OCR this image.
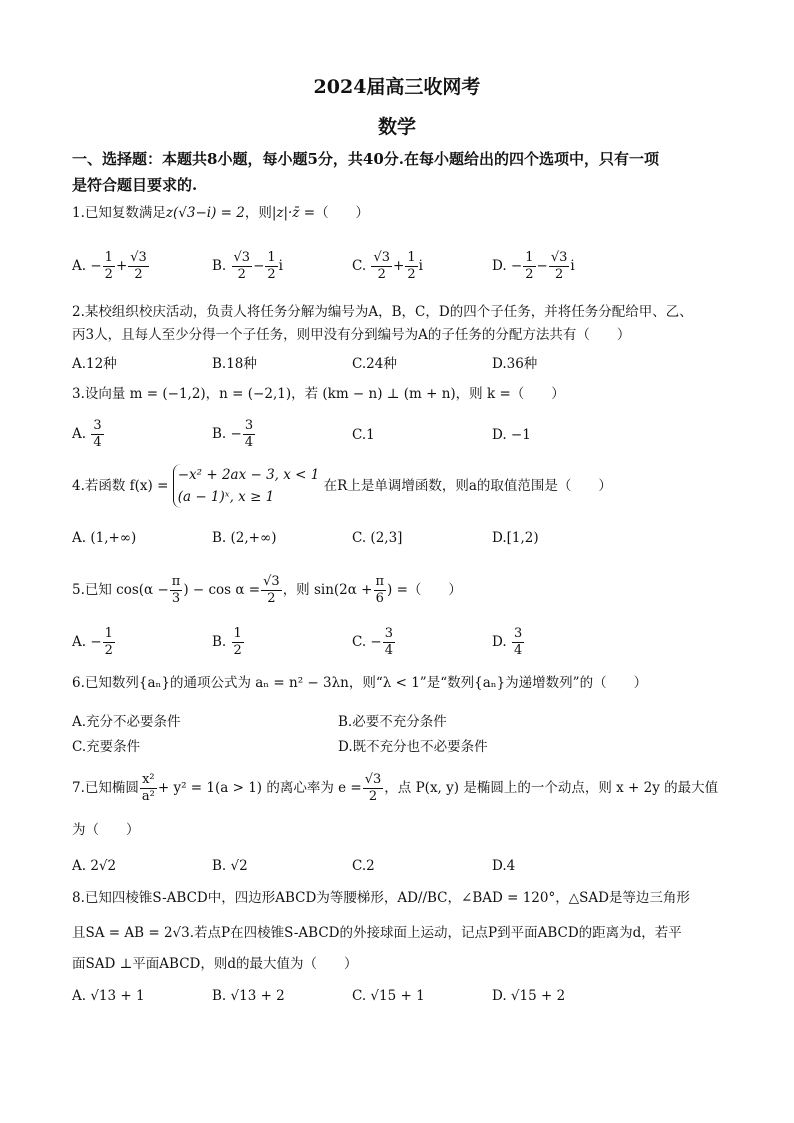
2024届高三收网考
数学
一、选择题：本题共8小题，每小题5分，共40分.在每小题给出的四个选项中，只有一项
是符合题目要求的.
1.已知复数满足z(√3−i) = 2，则|z|·z̄ =（　　）
A. − $\frac{1}{2} + \frac{√3}{2}$	B. $\frac{√3}{2} - \frac{1}{2}$ i	C. $\frac{√3}{2} + \frac{1}{2}$ i	D. − $\frac{1}{2} - \frac{√3}{2}$ i
2.某校组织校庆活动，负责人将任务分解为编号为A，B，C，D的四个子任务，并将任务分配给甲、乙、
丙3人，且每人至少分得一个子任务，则甲没有分到编号为A的子任务的分配方法共有（　　）
A.12种	B.18种	C.24种	D.36种
3.设向量 m = (−1,2)，n = (−2,1)，若 (km − n) ⊥ (m + n)，则 k =（　　）
A. $\frac{3}{4}$	B. − $\frac{3}{4}$	C.1	D. −1
4.若函数 f(x) =
−x² + 2ax − 3, x < 1
(a − 1)ˣ, x ≥ 1
在R上是单调增函数，则a的取值范围是（　　）
A. (1,+∞)	B. (2,+∞)	C. (2,3]	D.[1,2)
5.已知 $\cos(\alpha - \frac{\pi}{3}$ ) − $\cos \alpha = \frac{√3}{2}$ ，则 $\sin(2\alpha + \frac{\pi}{6}$ ) =（　　）
A. − $\frac{1}{2}$	B. $\frac{1}{2}$	C. − $\frac{3}{4}$	D. $\frac{3}{4}$
6.已知数列{aₙ}的通项公式为 aₙ = n² − 3λn，则“λ < 1”是“数列{aₙ}为递增数列”的（　　）
A.充分不必要条件	B.必要不充分条件
C.充要条件	D.既不充分也不必要条件
7.已知椭圆 $\frac{\text{x²}}{\text{a²}} + y^2 = 1(a > 1)$ 的离心率为 $e = \frac{√3}{2}$ ，点 P(x, y) 是椭圆上的一个动点，则 x + 2y 的最大值
为（　　）
A. 2√2	B. √2	C.2	D.4
8.已知四棱锥S-ABCD中，四边形ABCD为等腰梯形，AD//BC，∠BAD = 120°，△SAD是等边三角形
且SA = AB = 2√3.若点P在四棱锥S-ABCD的外接球面上运动，记点P到平面ABCD的距离为d，若平
面SAD ⊥平面ABCD，则d的最大值为（　　）
A. √13 + 1	B. √13 + 2	C. √15 + 1	D. √15 + 2
